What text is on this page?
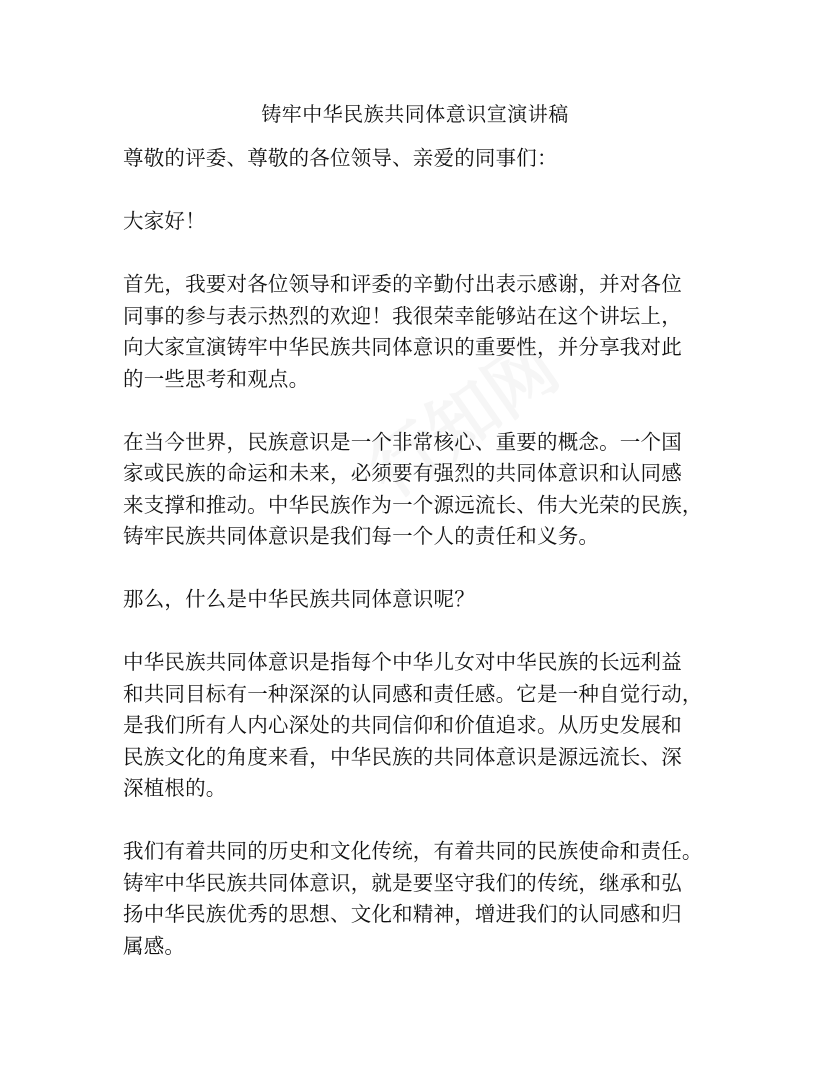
铸牢中华民族共同体意识宣演讲稿
尊敬的评委、尊敬的各位领导、亲爱的同事们：
大家好！
首先，我要对各位领导和评委的辛勤付出表示感谢，并对各位
同事的参与表示热烈的欢迎！我很荣幸能够站在这个讲坛上，
向大家宣演铸牢中华民族共同体意识的重要性，并分享我对此
的一些思考和观点。
在当今世界，民族意识是一个非常核心、重要的概念。一个国
家或民族的命运和未来，必须要有强烈的共同体意识和认同感
来支撑和推动。中华民族作为一个源远流长、伟大光荣的民族，
铸牢民族共同体意识是我们每一个人的责任和义务。
那么，什么是中华民族共同体意识呢？
中华民族共同体意识是指每个中华儿女对中华民族的长远利益
和共同目标有一种深深的认同感和责任感。它是一种自觉行动，
是我们所有人内心深处的共同信仰和价值追求。从历史发展和
民族文化的角度来看，中华民族的共同体意识是源远流长、深
深植根的。
我们有着共同的历史和文化传统，有着共同的民族使命和责任。
铸牢中华民族共同体意识，就是要坚守我们的传统，继承和弘
扬中华民族优秀的思想、文化和精神，增进我们的认同感和归
属感。
